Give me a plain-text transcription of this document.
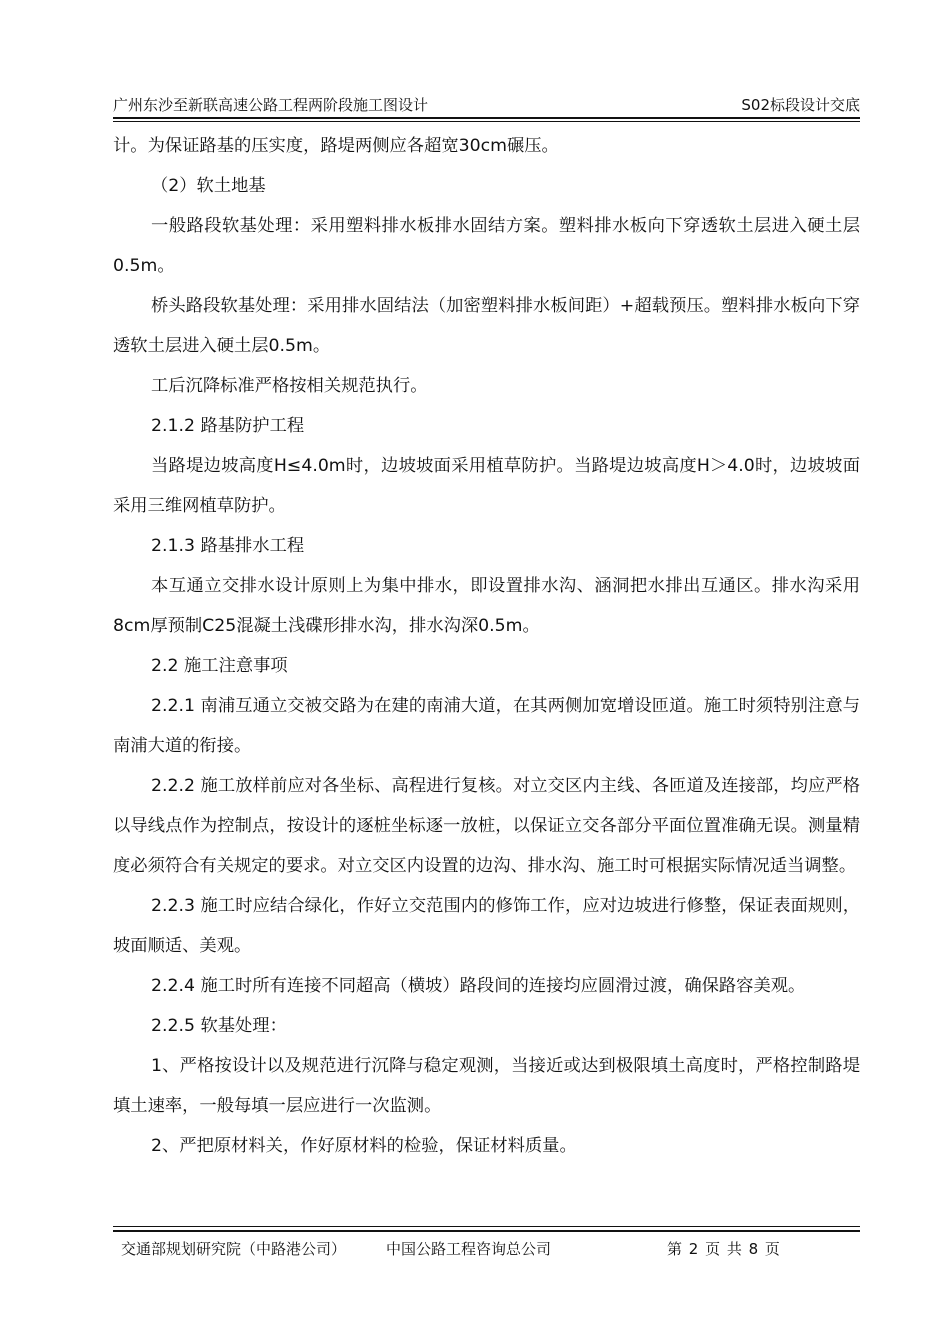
广州东沙至新联高速公路工程两阶段施工图设计	S02标段设计交底

计。为保证路基的压实度，路堤两侧应各超宽30cm碾压。

（2）软土地基

一般路段软基处理：采用塑料排水板排水固结方案。塑料排水板向下穿透软土层进入硬土层0.5m。

桥头路段软基处理：采用排水固结法（加密塑料排水板间距）+超载预压。塑料排水板向下穿透软土层进入硬土层0.5m。

工后沉降标准严格按相关规范执行。

2.1.2 路基防护工程

当路堤边坡高度H≤4.0m时，边坡坡面采用植草防护。当路堤边坡高度H＞4.0时，边坡坡面采用三维网植草防护。

2.1.3 路基排水工程

本互通立交排水设计原则上为集中排水，即设置排水沟、涵洞把水排出互通区。排水沟采用8cm厚预制C25混凝土浅碟形排水沟，排水沟深0.5m。

2.2 施工注意事项

2.2.1 南浦互通立交被交路为在建的南浦大道，在其两侧加宽增设匝道。施工时须特别注意与南浦大道的衔接。

2.2.2 施工放样前应对各坐标、高程进行复核。对立交区内主线、各匝道及连接部，均应严格以导线点作为控制点，按设计的逐桩坐标逐一放桩，以保证立交各部分平面位置准确无误。测量精度必须符合有关规定的要求。对立交区内设置的边沟、排水沟、施工时可根据实际情况适当调整。

2.2.3 施工时应结合绿化，作好立交范围内的修饰工作，应对边坡进行修整，保证表面规则，坡面顺适、美观。

2.2.4 施工时所有连接不同超高（横坡）路段间的连接均应圆滑过渡，确保路容美观。

2.2.5 软基处理：

1、严格按设计以及规范进行沉降与稳定观测，当接近或达到极限填土高度时，严格控制路堤填土速率，一般每填一层应进行一次监测。

2、严把原材料关，作好原材料的检验，保证材料质量。

交通部规划研究院（中路港公司）	中国公路工程咨询总公司	第 2 页 共 8 页
